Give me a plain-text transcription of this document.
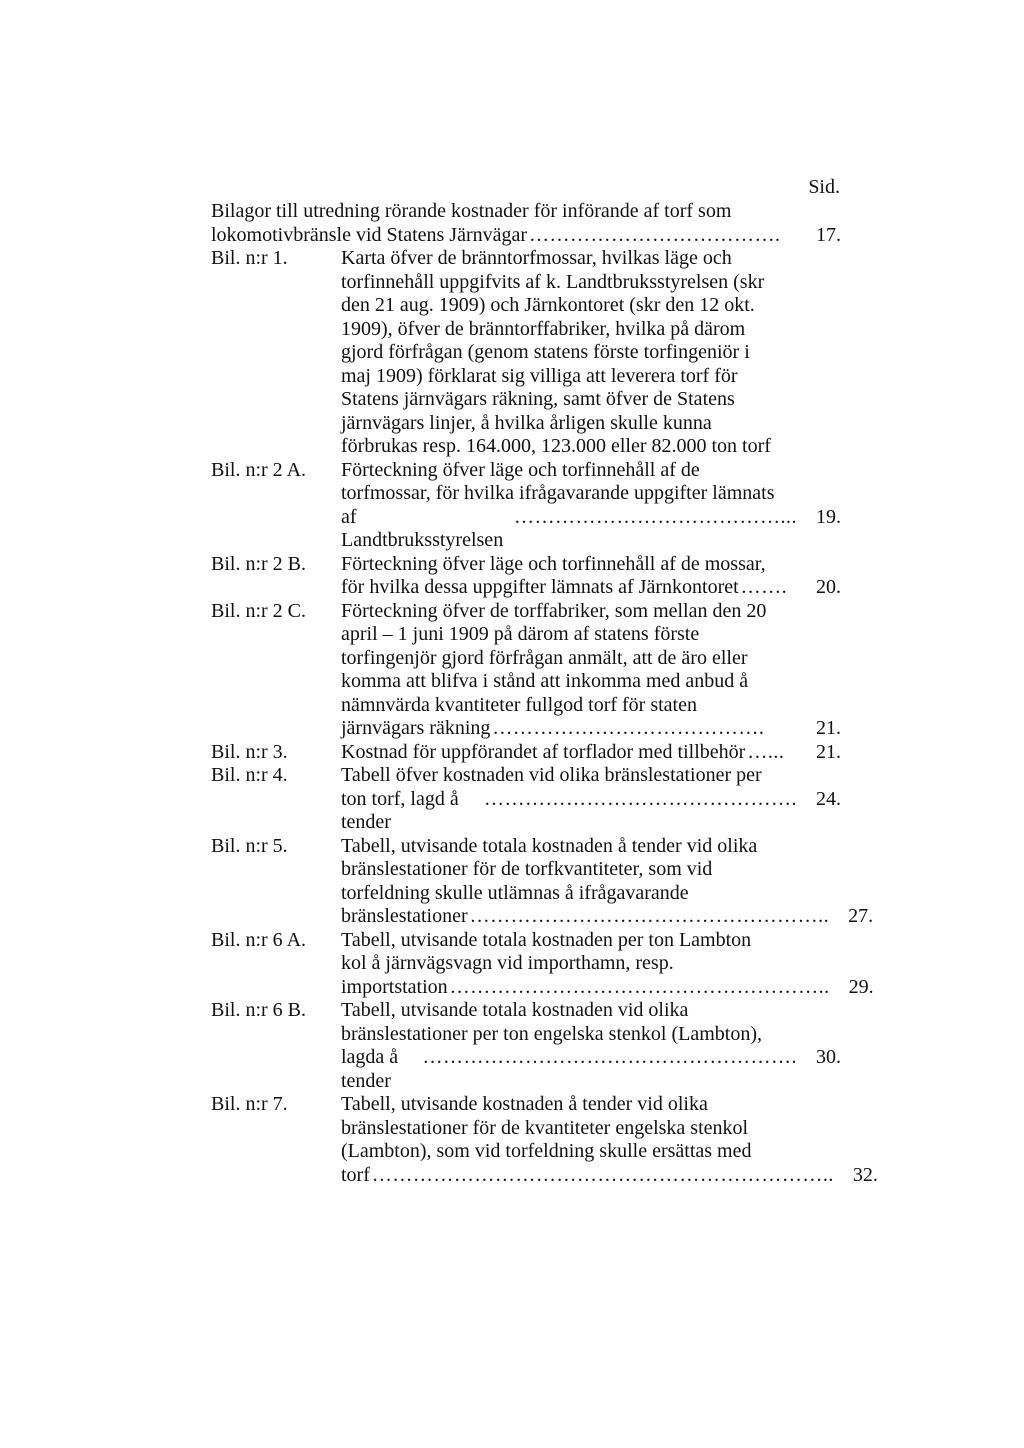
Sid.
Bilagor till utredning rörande kostnader för införande af torf som
lokomotivbränsle vid Statens Järnvägar ……………………………….	17.
Bil. n:r 1.	Karta öfver de bränntorfmossar, hvilkas läge och
torfinnehåll uppgifvits af k. Landtbruksstyrelsen (skr
den 21 aug. 1909) och Järnkontoret (skr den 12 okt.
1909), öfver de bränntorffabriker, hvilka på därom
gjord förfrågan (genom statens förste torfingeniör i
maj 1909) förklarat sig villiga att leverera torf för
Statens järnvägars räkning, samt öfver de Statens
järnvägars linjer, å hvilka årligen skulle kunna
förbrukas resp. 164.000, 123.000 eller 82.000 ton torf
Bil. n:r 2 A.	Förteckning öfver läge och torfinnehåll af de
torfmossar, för hvilka ifrågavarande uppgifter lämnats
af Landtbruksstyrelsen
…………………………………... 19.
Bil. n:r 2 B.	Förteckning öfver läge och torfinnehåll af de mossar,
för hvilka dessa uppgifter lämnats af Järnkontoret …….	20.
Bil. n:r 2 C.	Förteckning öfver de torffabriker, som mellan den 20
april – 1 juni 1909 på därom af statens förste
torfingenjör gjord förfrågan anmält, att de äro eller
komma att blifva i stånd att inkomma med anbud å
nämnvärda kvantiteter fullgod torf för staten
järnvägars räkning ………………………………….	21.
Bil. n:r 3.	Kostnad för uppförandet af torflador med tillbehör …...	21.
Bil. n:r 4.	Tabell öfver kostnaden vid olika bränslestationer per
ton torf, lagd å tender
………………………………………. 24.
Bil. n:r 5.	Tabell, utvisande totala kostnaden å tender vid olika
bränslestationer för de torfkvantiteter, som vid
torfeldning skulle utlämnas å ifrågavarande
bränslestationer …………………………………………….. 27.
Bil. n:r 6 A.	Tabell, utvisande totala kostnaden per ton Lambton
kol å järnvägsvagn vid importhamn, resp.
importstation ……………………………………………….. 29.
Bil. n:r 6 B.	Tabell, utvisande totala kostnaden vid olika
bränslestationer per ton engelska stenkol (Lambton),
lagda å tender
………………………………………………. 30.
Bil. n:r 7.	Tabell, utvisande kostnaden å tender vid olika
bränslestationer för de kvantiteter engelska stenkol
(Lambton), som vid torfeldning skulle ersättas med
torf ………………………………………………………….. 32.
